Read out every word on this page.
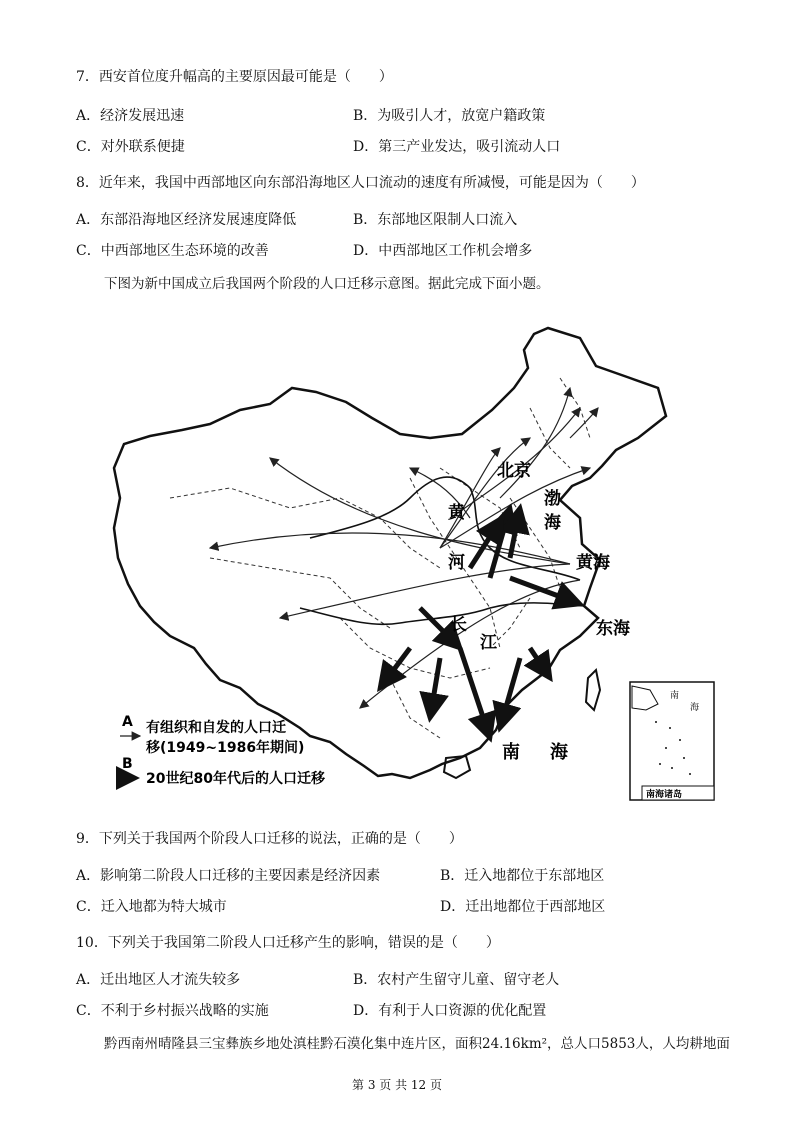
7．西安首位度升幅高的主要原因最可能是（　　）
A．经济发展迅速	B．为吸引人才，放宽户籍政策
C．对外联系便捷	D．第三产业发达，吸引流动人口
8．近年来，我国中西部地区向东部沿海地区人口流动的速度有所减慢，可能是因为（　　）
A．东部沿海地区经济发展速度降低	B．东部地区限制人口流入
C．中西部地区生态环境的改善	D．中西部地区工作机会增多
下图为新中国成立后我国两个阶段的人口迁移示意图。据此完成下面小题。
北京
渤
海
黄
河	黄海
长
江
东海
南 海
A 有组织和自发的人口迁
移(1949~1986年期间)
B
20世纪80年代后的人口迁移
南
海
南海诸岛
9．下列关于我国两个阶段人口迁移的说法，正确的是（　　）
A．影响第二阶段人口迁移的主要因素是经济因素	B．迁入地都位于东部地区
C．迁入地都为特大城市	D．迁出地都位于西部地区
10．下列关于我国第二阶段人口迁移产生的影响，错误的是（　　）
A．迁出地区人才流失较多	B．农村产生留守儿童、留守老人
C．不利于乡村振兴战略的实施	D．有利于人口资源的优化配置
黔西南州晴隆县三宝彝族乡地处滇桂黔石漠化集中连片区，面积24.16km²，总人口5853人，人均耕地面
第 3 页 共 12 页
